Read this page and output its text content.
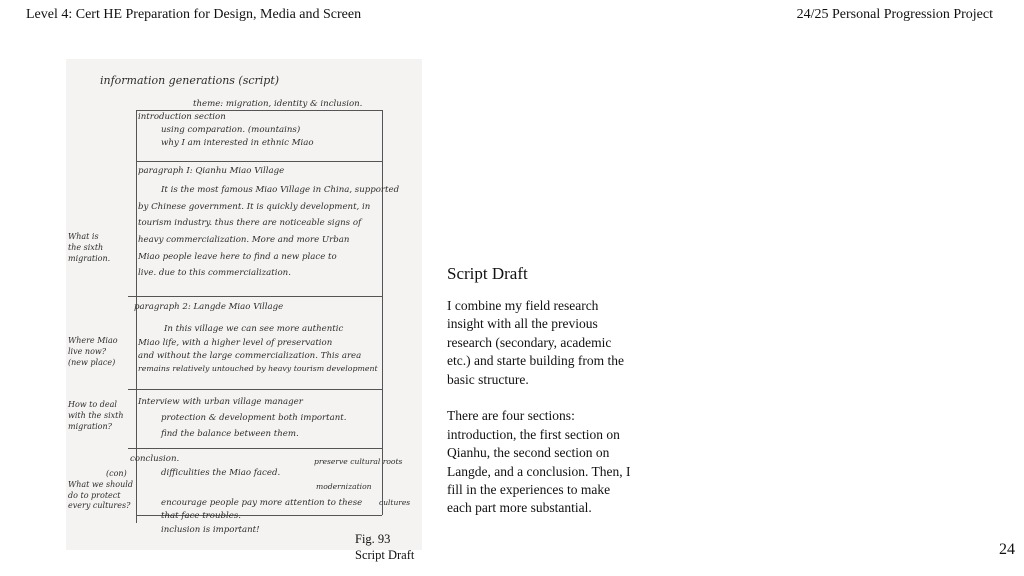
Level 4: Cert HE Preparation for Design, Media and Screen	24/25 Personal Progression Project
information generations (script)
theme: migration, identity & inclusion.
introduction section
using comparation. (mountains)
why I am interested in ethnic Miao
paragraph I: Qianhu Miao Village
It is the most famous Miao Village in China, supported
by Chinese government. It is quickly development, in
tourism industry. thus there are noticeable signs of
heavy commercialization. More and more Urban
Miao people leave here to find a new place to
live. due to this commercialization.
paragraph 2: Langde Miao Village
In this village we can see more authentic
Miao life, with a higher level of preservation
and without the large commercialization. This area
remains relatively untouched by heavy tourism development
Interview with urban village manager
protection & development both important.
find the balance between them.
conclusion.
difficulities the Miao faced.
encourage people pay more attention to these cultures
that face troubles.
inclusion is important!
preserve cultural roots
modernization
What is
the sixth
migration.
Where Miao
live now?
(new place)
How to deal
with the sixth
migration?
(con)
What we should
do to protect
every cultures?
Fig. 93
Script Draft
Script Draft

I combine my field research insight with all the previous research (secondary, academic etc.) and starte building from the basic structure.

There are four sections: introduction, the first section on Qianhu, the second section on Langde, and a conclusion. Then, I fill in the experiences to make each part more substantial.

24
